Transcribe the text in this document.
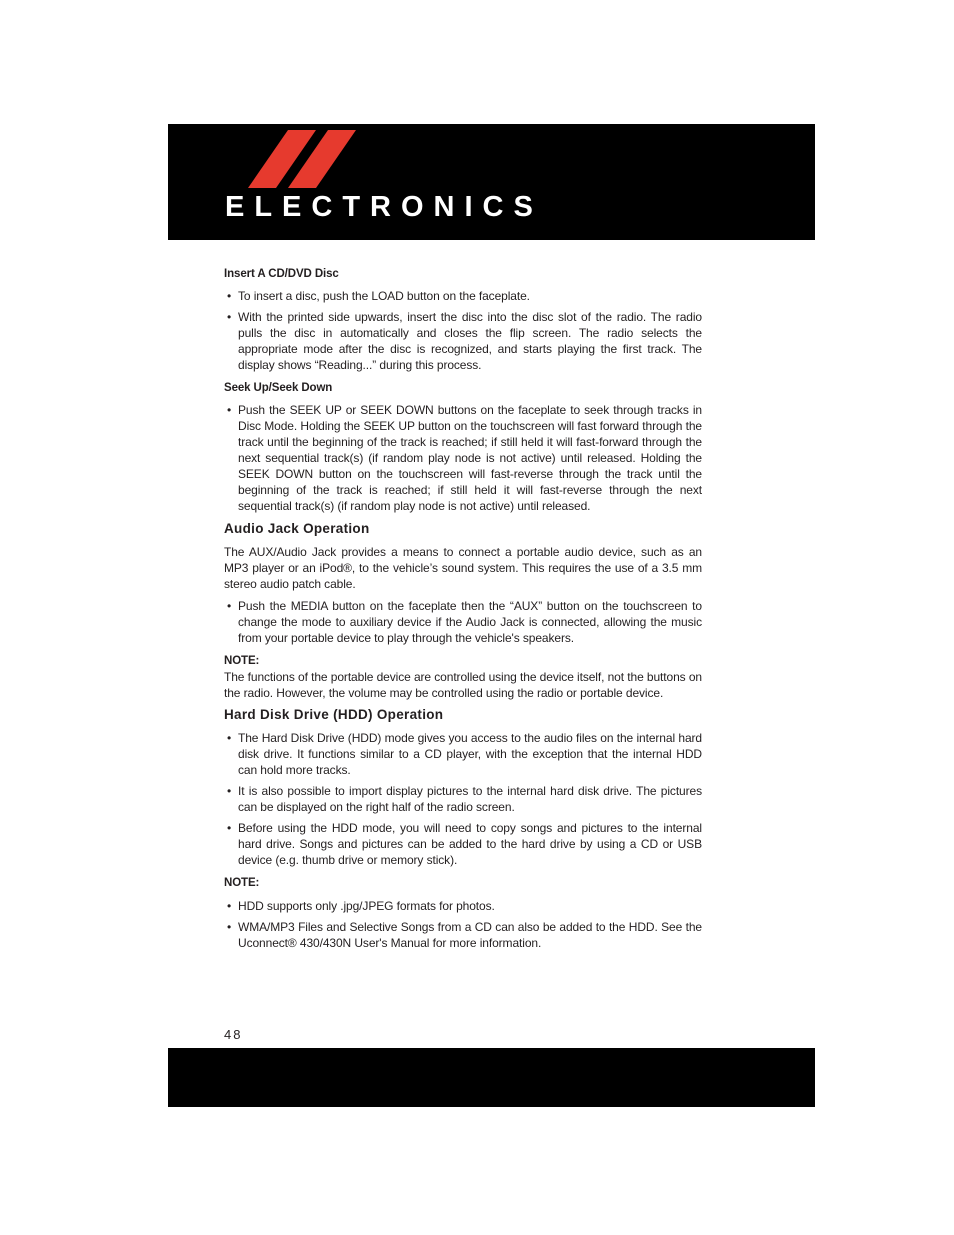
ELECTRONICS
Insert A CD/DVD Disc
• To insert a disc, push the LOAD button on the faceplate.
• With the printed side upwards, insert the disc into the disc slot of the radio. The radio pulls the disc in automatically and closes the flip screen. The radio selects the appropriate mode after the disc is recognized, and starts playing the first track. The display shows “Reading...” during this process.
Seek Up/Seek Down
• Push the SEEK UP or SEEK DOWN buttons on the faceplate to seek through tracks in Disc Mode. Holding the SEEK UP button on the touchscreen will fast forward through the track until the beginning of the track is reached; if still held it will fast-forward through the next sequential track(s) (if random play node is not active) until released. Holding the SEEK DOWN button on the touchscreen will fast-reverse through the track until the beginning of the track is reached; if still held it will fast-reverse through the next sequential track(s) (if random play node is not active) until released.
Audio Jack Operation

The AUX/Audio Jack provides a means to connect a portable audio device, such as an MP3 player or an iPod®, to the vehicle’s sound system. This requires the use of a 3.5 mm stereo audio patch cable.

• Push the MEDIA button on the faceplate then the “AUX” button on the touchscreen to change the mode to auxiliary device if the Audio Jack is connected, allowing the music from your portable device to play through the vehicle's speakers.
NOTE:

The functions of the portable device are controlled using the device itself, not the buttons on the radio. However, the volume may be controlled using the radio or portable device.

Hard Disk Drive (HDD) Operation
• The Hard Disk Drive (HDD) mode gives you access to the audio files on the internal hard disk drive. It functions similar to a CD player, with the exception that the internal HDD can hold more tracks.
• It is also possible to import display pictures to the internal hard disk drive. The pictures can be displayed on the right half of the radio screen.
• Before using the HDD mode, you will need to copy songs and pictures to the internal hard drive. Songs and pictures can be added to the hard drive by using a CD or USB device (e.g. thumb drive or memory stick).
NOTE:
• HDD supports only .jpg/JPEG formats for photos.
• WMA/MP3 Files and Selective Songs from a CD can also be added to the HDD. See the Uconnect® 430/430N User's Manual for more information.
48
